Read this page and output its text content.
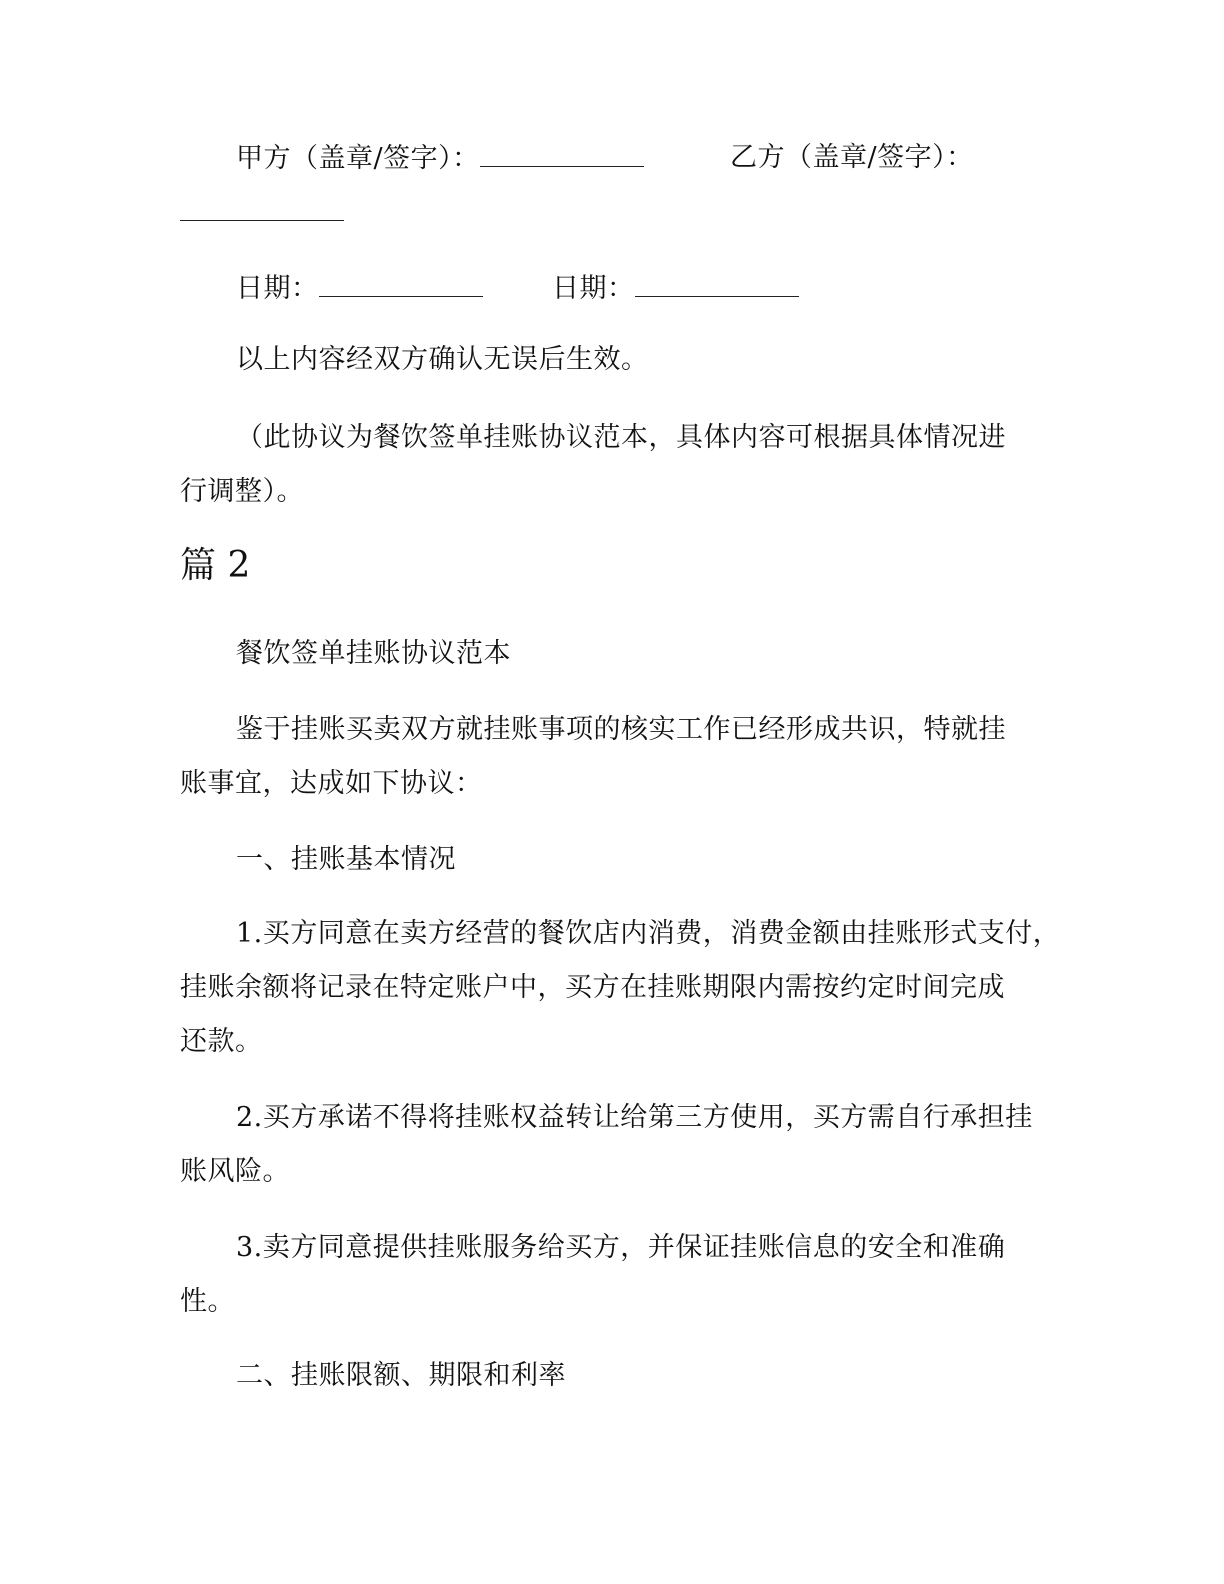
甲方（盖章/签字）：	乙方（盖章/签字）：
日期：	日期：
以上内容经双方确认无误后生效。
（此协议为餐饮签单挂账协议范本，具体内容可根据具体情况进
行调整）。
篇 2
餐饮签单挂账协议范本
鉴于挂账买卖双方就挂账事项的核实工作已经形成共识，特就挂
账事宜，达成如下协议：
一、挂账基本情况
1.买方同意在卖方经营的餐饮店内消费，消费金额由挂账形式支付，
挂账余额将记录在特定账户中，买方在挂账期限内需按约定时间完成
还款。
2.买方承诺不得将挂账权益转让给第三方使用，买方需自行承担挂
账风险。
3.卖方同意提供挂账服务给买方，并保证挂账信息的安全和准确
性。
二、挂账限额、期限和利率
